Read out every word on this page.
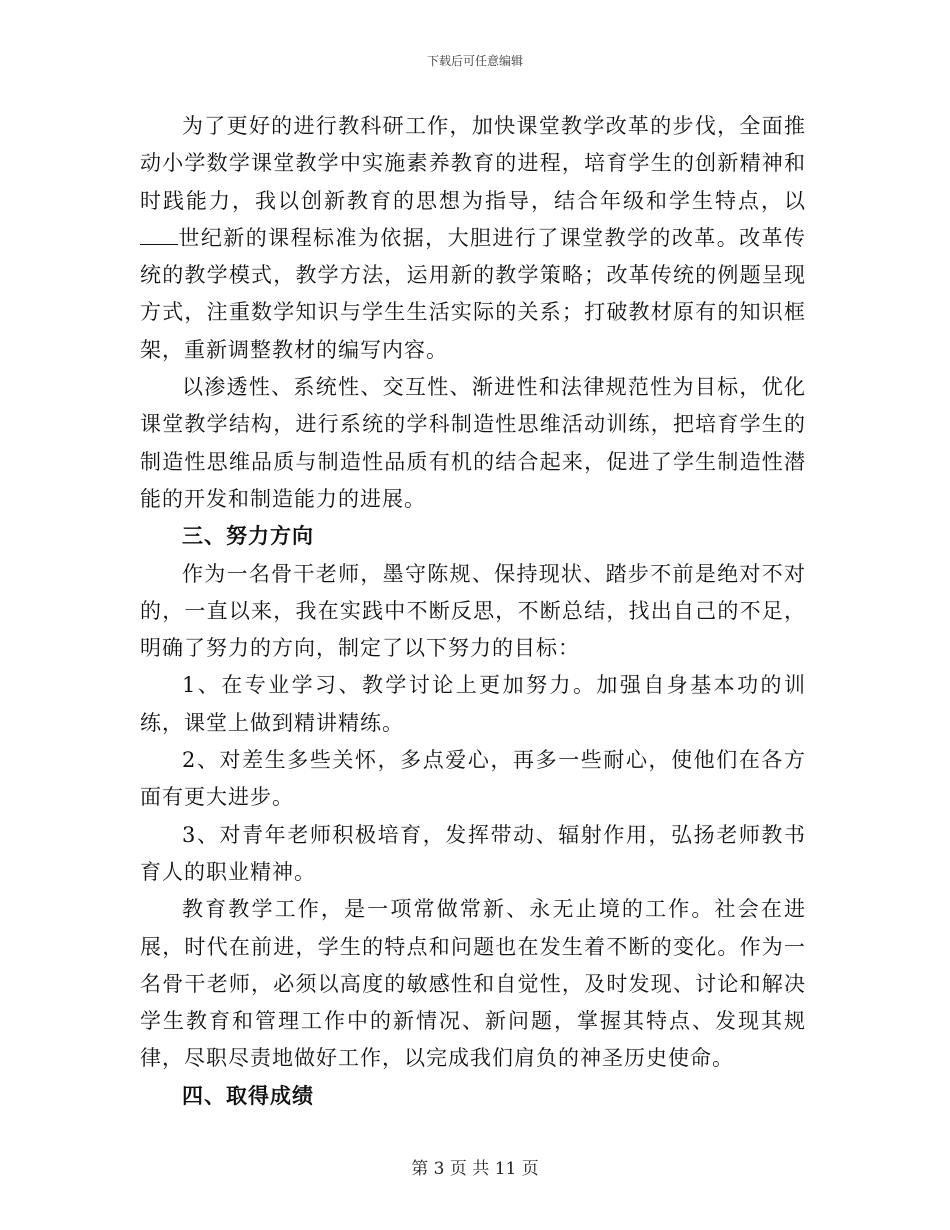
下载后可任意编辑

为了更好的进行教科研工作，加快课堂教学改革的步伐，全面推动小学数学课堂教学中实施素养教育的进程，培育学生的创新精神和时践能力，我以创新教育的思想为指导，结合年级和学生特点，以世纪新的课程标准为依据，大胆进行了课堂教学的改革。改革传统的教学模式，教学方法，运用新的教学策略；改革传统的例题呈现方式，注重数学知识与学生生活实际的关系；打破教材原有的知识框架，重新调整教材的编写内容。

以渗透性、系统性、交互性、渐进性和法律规范性为目标，优化课堂教学结构，进行系统的学科制造性思维活动训练，把培育学生的制造性思维品质与制造性品质有机的结合起来，促进了学生制造性潜能的开发和制造能力的进展。

三、努力方向

作为一名骨干老师，墨守陈规、保持现状、踏步不前是绝对不对的，一直以来，我在实践中不断反思，不断总结，找出自己的不足，明确了努力的方向，制定了以下努力的目标：

1、在专业学习、教学讨论上更加努力。加强自身基本功的训练，课堂上做到精讲精练。

2、对差生多些关怀，多点爱心，再多一些耐心，使他们在各方面有更大进步。

3、对青年老师积极培育，发挥带动、辐射作用，弘扬老师教书育人的职业精神。

教育教学工作，是一项常做常新、永无止境的工作。社会在进展，时代在前进，学生的特点和问题也在发生着不断的变化。作为一名骨干老师，必须以高度的敏感性和自觉性，及时发现、讨论和解决学生教育和管理工作中的新情况、新问题，掌握其特点、发现其规律，尽职尽责地做好工作，以完成我们肩负的神圣历史使命。

四、取得成绩

第 3 页 共 11 页
